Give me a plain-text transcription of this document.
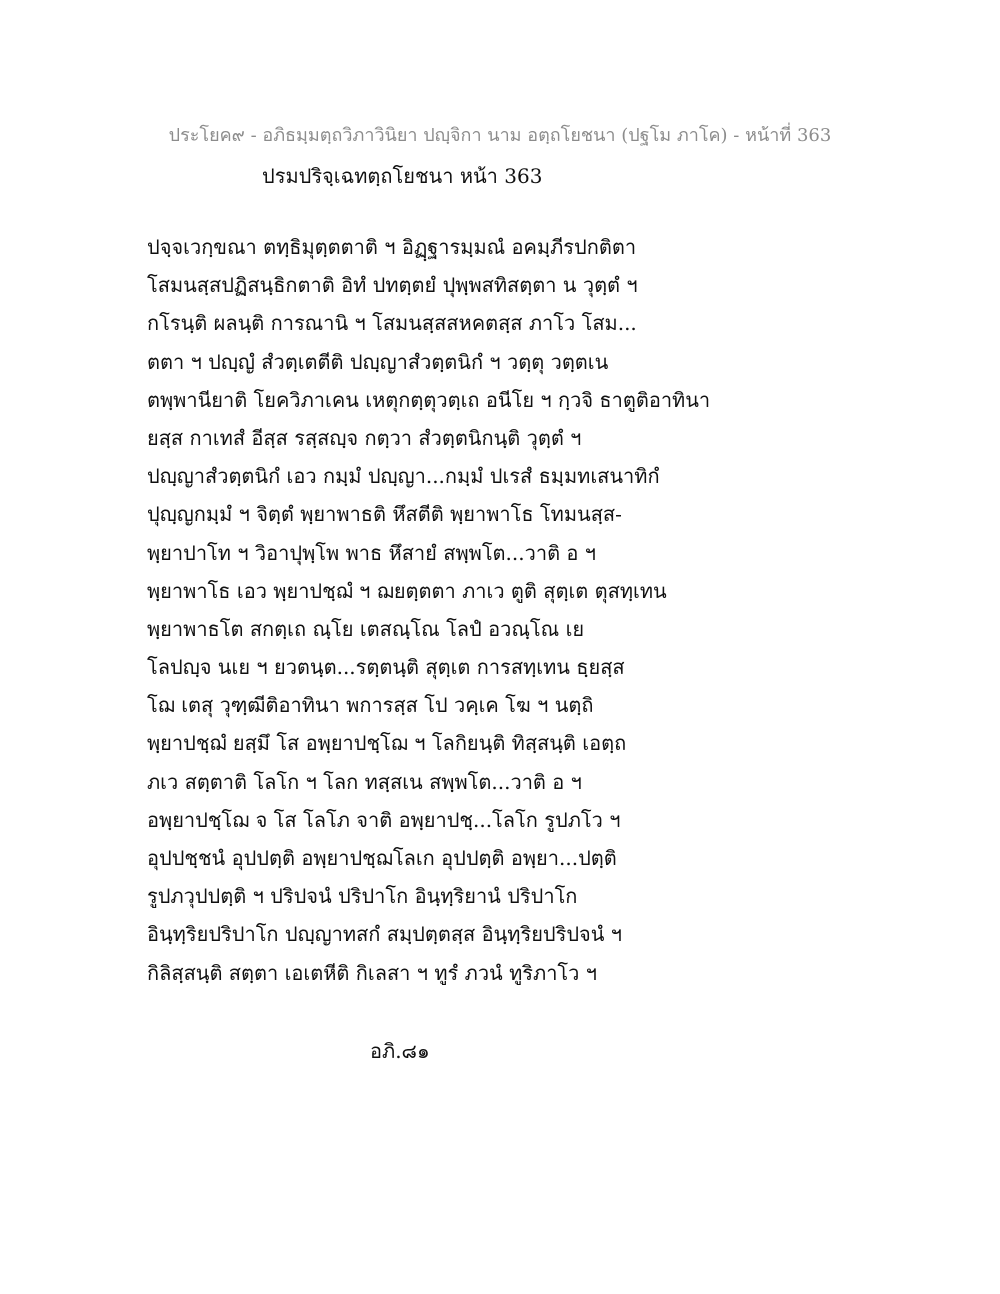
ประโยค๙ - อภิธมฺมตฺถวิภาวินิยา ปญฺจิกา นาม อตฺถโยชนา (ปฐโม ภาโค) - หน้าที่ 363
ปรมปริจฺเฉทตฺถโยชนา หน้า 363
ปจฺจเวกฺขณา ตทฺธิมุตฺตตาติ ฯ อิฏฺฐารมฺมณํ อคมฺภีรปกติตา
โสมนสฺสปฏิสนฺธิกตาติ อิทํ ปทตฺตยํ ปุพฺพสทิสตฺตา น วุตฺตํ ฯ
กโรนฺติ ผลนฺติ การณานิ ฯ โสมนสฺสสหคตสฺส ภาโว โสม...
ตตา ฯ ปญฺญํ สํวตฺเตตีติ ปญฺญาสํวตฺตนิกํ ฯ วตฺตุ วตฺตเน
ตพฺพานียาติ โยควิภาเคน เหตุกตฺตุวตฺเถ อนีโย ฯ กฺวจิ ธาตูติอาทินา
ยสฺส กาเทสํ อีสฺส รสฺสญฺจ กตฺวา สํวตฺตนิกนฺติ วุตฺตํ ฯ
ปญฺญาสํวตฺตนิกํ เอว กมฺมํ ปญฺญา...กมฺมํ ปเรสํ ธมฺมทเสนาทิกํ
ปุญฺญกมฺมํ ฯ จิตฺตํ พฺยาพาธติ หึสตีติ พฺยาพาโธ โทมนสฺส-
พฺยาปาโท ฯ วิอาปุพฺโพ พาธ หึสายํ สพฺพโต...วาติ อ ฯ
พฺยาพาโธ เอว พฺยาปชฺฌํ ฯ ฌยตฺตตา ภาเว ตูติ สุตฺเต ตุสทฺเทน
พฺยาพาธโต สกตฺเถ ณฺโย เตสณฺโณ โลปํ อวณฺโณ เย
โลปญฺจ นเย ฯ ยวตนฺต...รตฺตนฺติ สุตฺเต การสทฺเทน ธฺยสฺส
โฌ เตสุ วุฑฺฒีติอาทินา พการสฺส โป วคฺเค โฆ ฯ นตฺถิ
พฺยาปชฺฌํ ยสฺมึ โส อพฺยาปชฺโฌ ฯ โลกิยนฺติ ทิสฺสนฺติ เอตฺถ
ภเว สตฺตาติ โลโก ฯ โลก ทสฺสเน สพฺพโต...วาติ อ ฯ
อพฺยาปชฺโฌ จ โส โลโภ จาติ อพฺยาปชฺ...โลโก รูปภโว ฯ
อุปปชฺชนํ อุปปตฺติ อพฺยาปชฺฌโลเก อุปปตฺติ อพฺยา...ปตฺติ
รูปภวุปปตฺติ ฯ ปริปจนํ ปริปาโก อินฺทฺริยานํ ปริปาโก
อินฺทฺริยปริปาโก ปญฺญาทสกํ สมฺปตฺตสฺส อินฺทฺริยปริปจนํ ฯ
กิลิสฺสนฺติ สตฺตา เอเตหีติ กิเลสา ฯ ทูรํ ภวนํ ทูริภาโว ฯ
อภิ.๘๑
